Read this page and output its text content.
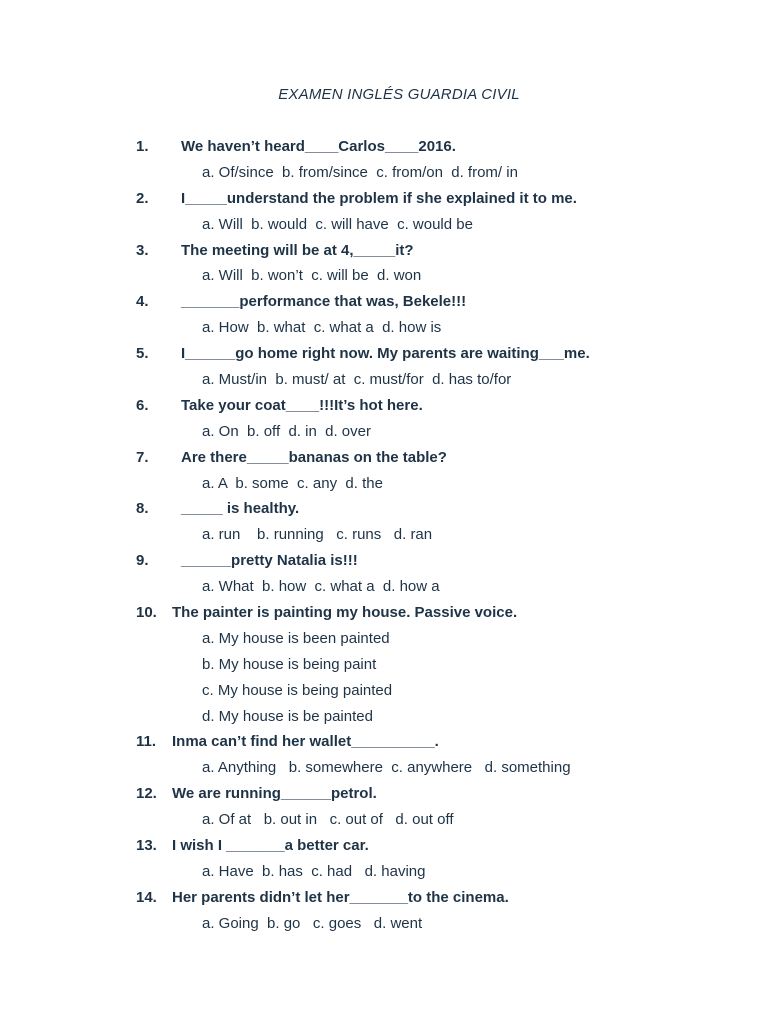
EXAMEN INGLÉS GUARDIA CIVIL
1. We haven’t heard____Carlos____2016.
a. Of/since  b. from/since  c. from/on  d. from/ in
2. I_____understand the problem if she explained it to me.
a. Will  b. would  c. will have  c. would be
3. The meeting will be at 4,_____it?
a. Will  b. won’t  c. will be  d. won
4. _______performance that was, Bekele!!!
a. How  b. what  c. what a  d. how is
5. I______go home right now. My parents are waiting___me.
a. Must/in  b. must/ at  c. must/for  d. has to/for
6. Take your coat____!!!It’s hot here.
a. On  b. off  d. in  d. over
7. Are there_____bananas on the table?
a. A  b. some  c. any  d. the
8. _____ is healthy.
a. run    b. running   c. runs   d. ran
9. ______pretty Natalia is!!!
a. What  b. how  c. what a  d. how a
10. The painter is painting my house. Passive voice.
a. My house is been painted
b. My house is being paint
c. My house is being painted
d. My house is be painted
11. Inma can’t find her wallet__________.
a. Anything   b. somewhere  c. anywhere   d. something
12. We are running______petrol.
a. Of at   b. out in   c. out of   d. out off
13. I wish I _______a better car.
a. Have  b. has  c. had   d. having
14. Her parents didn’t let her_______to the cinema.
a. Going  b. go   c. goes   d. went
